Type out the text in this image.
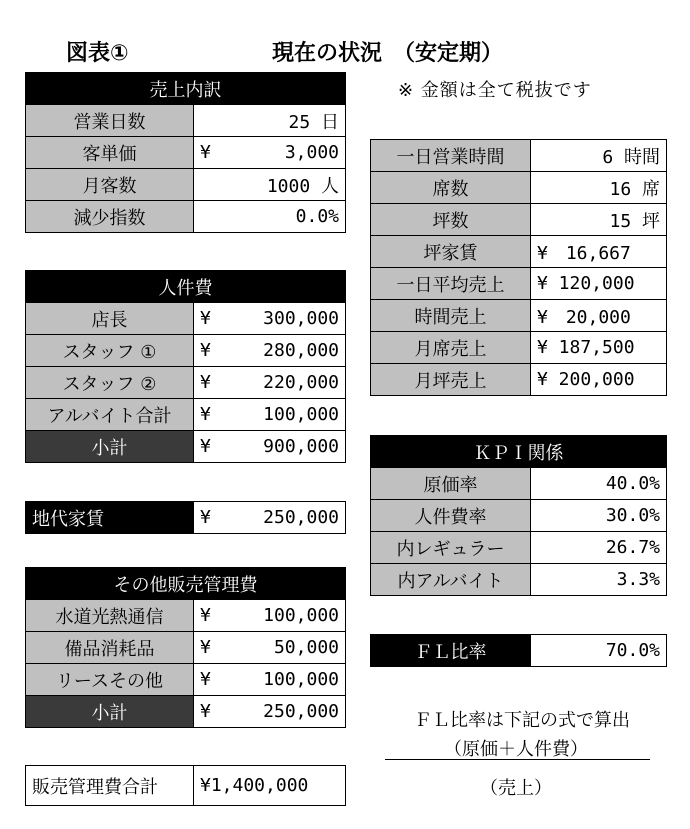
図表①	現在の状況　（安定期）
※ 金額は全て税抜です
売上内訳	
営業日数	25 日
客単価	¥ 3,000

月客数	1000 人
減少指数	0.0%
人件費	
店長	¥ 300,000

スタッフ ①	¥ 280,000

スタッフ ②	¥ 220,000

アルバイト合計	¥ 100,000

小計	¥ 900,000
地代家賃	¥	250,000
その他販売管理費	
水道光熱通信	¥ 100,000

備品消耗品	¥ 50,000

リースその他	¥ 100,000

小計	¥ 250,000
販売管理費合計	¥1,400,000
一日営業時間	6 時間
席数	16 席
坪数	15 坪
坪家賃	¥　16,667
一日平均売上	¥ 120,000
時間売上	¥　20,000
月席売上	¥ 187,500
月坪売上	¥ 200,000
ＫＰＩ関係	
原価率	40.0%
人件費率	30.0%
内レギュラー	26.7%
内アルバイト	3.3%
ＦＬ比率	70.0%
ＦＬ比率は下記の式で算出
（原価＋人件費）
（売上）
